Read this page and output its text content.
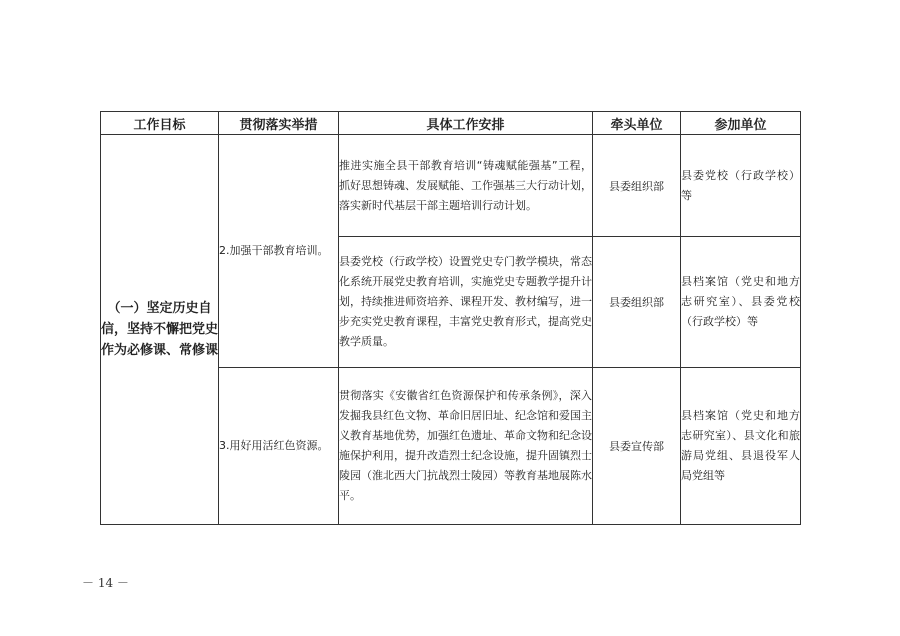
工作目标	贯彻落实举措	具体工作安排	牵头单位	参加单位
（一）坚定历史自信，坚持不懈把党史作为必修课、常修课	2.加强干部教育培训。	推进实施全县干部教育培训“铸魂赋能强基”工程，抓好思想铸魂、发展赋能、工作强基三大行动计划，落实新时代基层干部主题培训行动计划。	县委组织部	县委党校（行政学校）等
		县委党校（行政学校）设置党史专门教学模块，常态化系统开展党史教育培训，实施党史专题教学提升计划，持续推进师资培养、课程开发、教材编写，进一步充实党史教育课程，丰富党史教育形式，提高党史教学质量。	县委组织部	县档案馆（党史和地方志研究室）、县委党校（行政学校）等
	3.用好用活红色资源。	贯彻落实《安徽省红色资源保护和传承条例》，深入发掘我县红色文物、革命旧居旧址、纪念馆和爱国主义教育基地优势，加强红色遗址、革命文物和纪念设施保护利用，提升改造烈士纪念设施，提升固镇烈士陵园（淮北西大门抗战烈士陵园）等教育基地展陈水平。	县委宣传部	县档案馆（党史和地方志研究室）、县文化和旅游局党组、县退役军人局党组等
－ 14 －
